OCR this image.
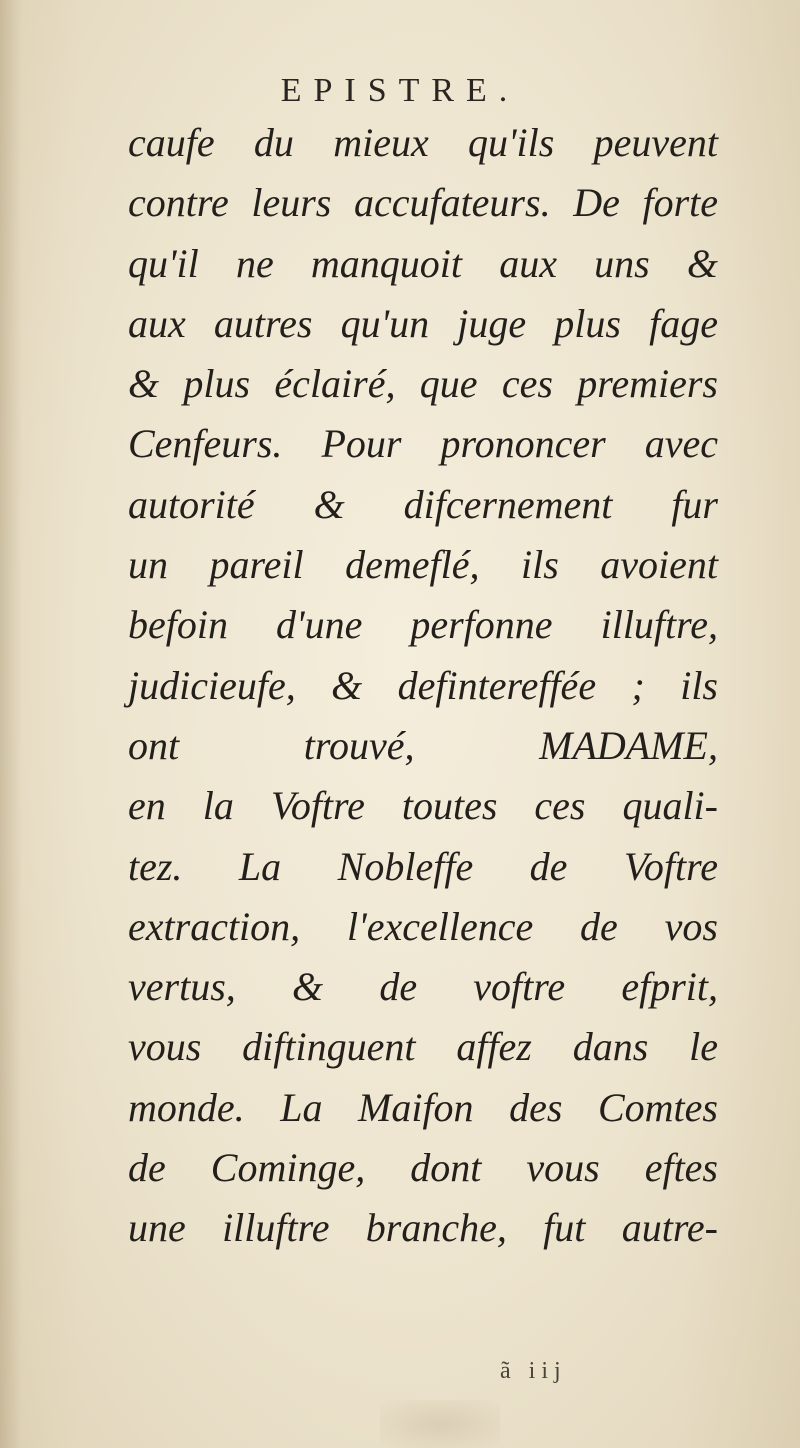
EPISTRE.
caufe du mieux qu'ils peuvent
contre leurs accufateurs. De forte
qu'il ne manquoit aux uns &
aux autres qu'un juge plus fage
& plus éclairé, que ces premiers
Cenfeurs. Pour prononcer avec
autorité & difcernement fur
un pareil demeflé, ils avoient
befoin d'une perfonne illuftre,
judicieufe, & defintereffée ; ils
ont trouvé, MADAME,
en la Voftre toutes ces quali-
tez. La Nobleffe de Voftre
extraction, l'excellence de vos
vertus, & de voftre efprit,
vous diftinguent affez dans le
monde. La Maifon des Comtes
de Cominge, dont vous eftes
une illuftre branche, fut autre-
ã iij
